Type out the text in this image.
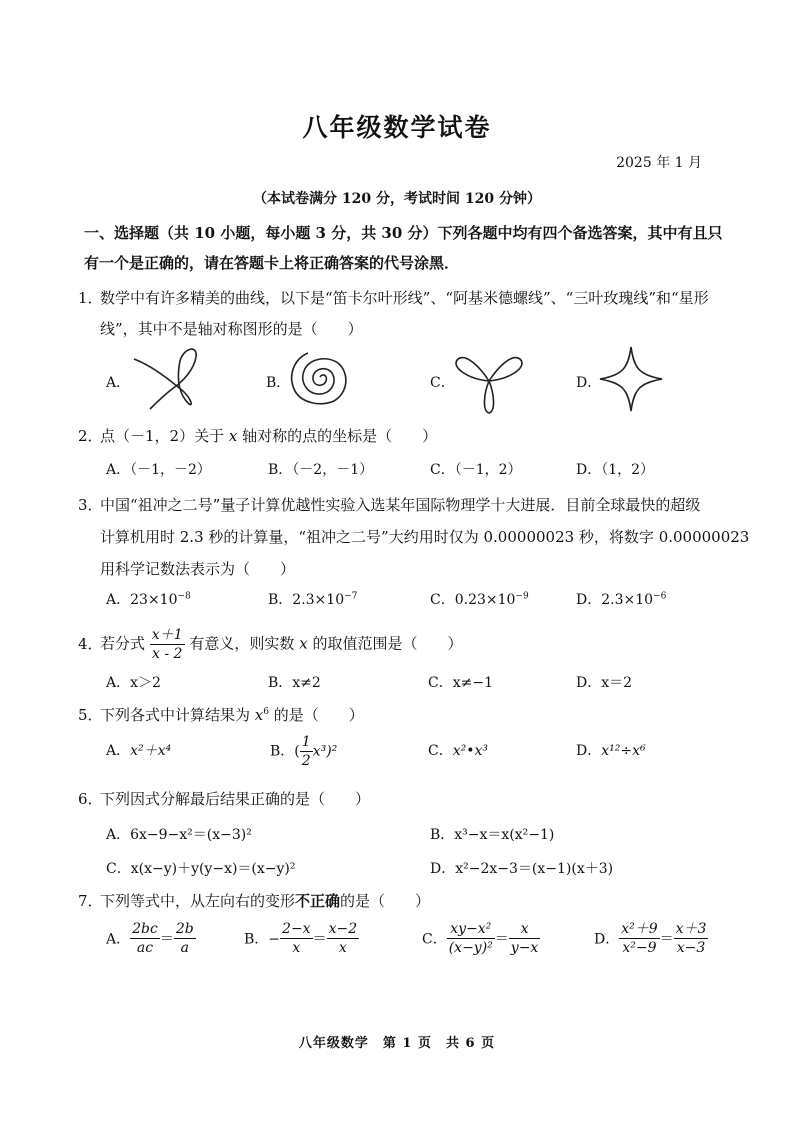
八年级数学试卷
2025 年 1 月
（本试卷满分 120 分，考试时间 120 分钟）
一、选择题（共 10 小题，每小题 3 分，共 30 分）下列各题中均有四个备选答案，其中有且只有一个是正确的，请在答题卡上将正确答案的代号涂黑．
1．数学中有许多精美的曲线，以下是“笛卡尔叶形线”、“阿基米德螺线”、“三叶玫瑰线”和“星形
线”，其中不是轴对称图形的是（　　）
A．	B．	C．	D．
2．点（－1，2）关于 x 轴对称的点的坐标是（　　）
A．（－1，－2）	B．（－2，－1）	C．（－1，2）	D．（1，2）
3．中国“祖冲之二号”量子计算优越性实验入选某年国际物理学十大进展．目前全球最快的超级
计算机用时 2.3 秒的计算量，“祖冲之二号”大约用时仅为 0.00000023 秒，将数字 0.00000023
用科学记数法表示为（　　）
A．$23\times 10^{-8}$	B．$2.3\times 10^{-7}$	C．$0.23\times 10^{-9}$	D．$2.3\times 10^{-6}$
4．若分式 $\frac{x+1}{x - 2}$ 有意义，则实数 x 的取值范围是（　　）
A．x＞2	B．x≠2	C．x≠−1	D．x＝2
5．下列各式中计算结果为 $x^6$ 的是（　　）
A．x²＋x⁴	B．( $\frac{1}{2} x^3)^2$	C．x²•x³	D．x¹²÷x⁶
6．下列因式分解最后结果正确的是（　　）
A．6x−9−x²＝(x−3)²	B．x³−x＝x(x²−1)
C．x(x−y)＋y(y−x)＝(x−y)²	D．x²−2x−3＝(x−1)(x＋3)
7．下列等式中，从左向右的变形不正确的是（　　）
A． $\frac{2bc}{ac} = \frac{2b}{a}$	B．− $\frac{2-x}{x} = \frac{x-2}{x}$	C． $\frac{\text{xy−x²}}{\text{(x−y)²}} = \frac{x}{y-x}$	D． $\frac{\text{x²＋9}}{\text{x²−9}} = \frac{x+3}{x-3}$
八年级数学　第 1 页　共 6 页
